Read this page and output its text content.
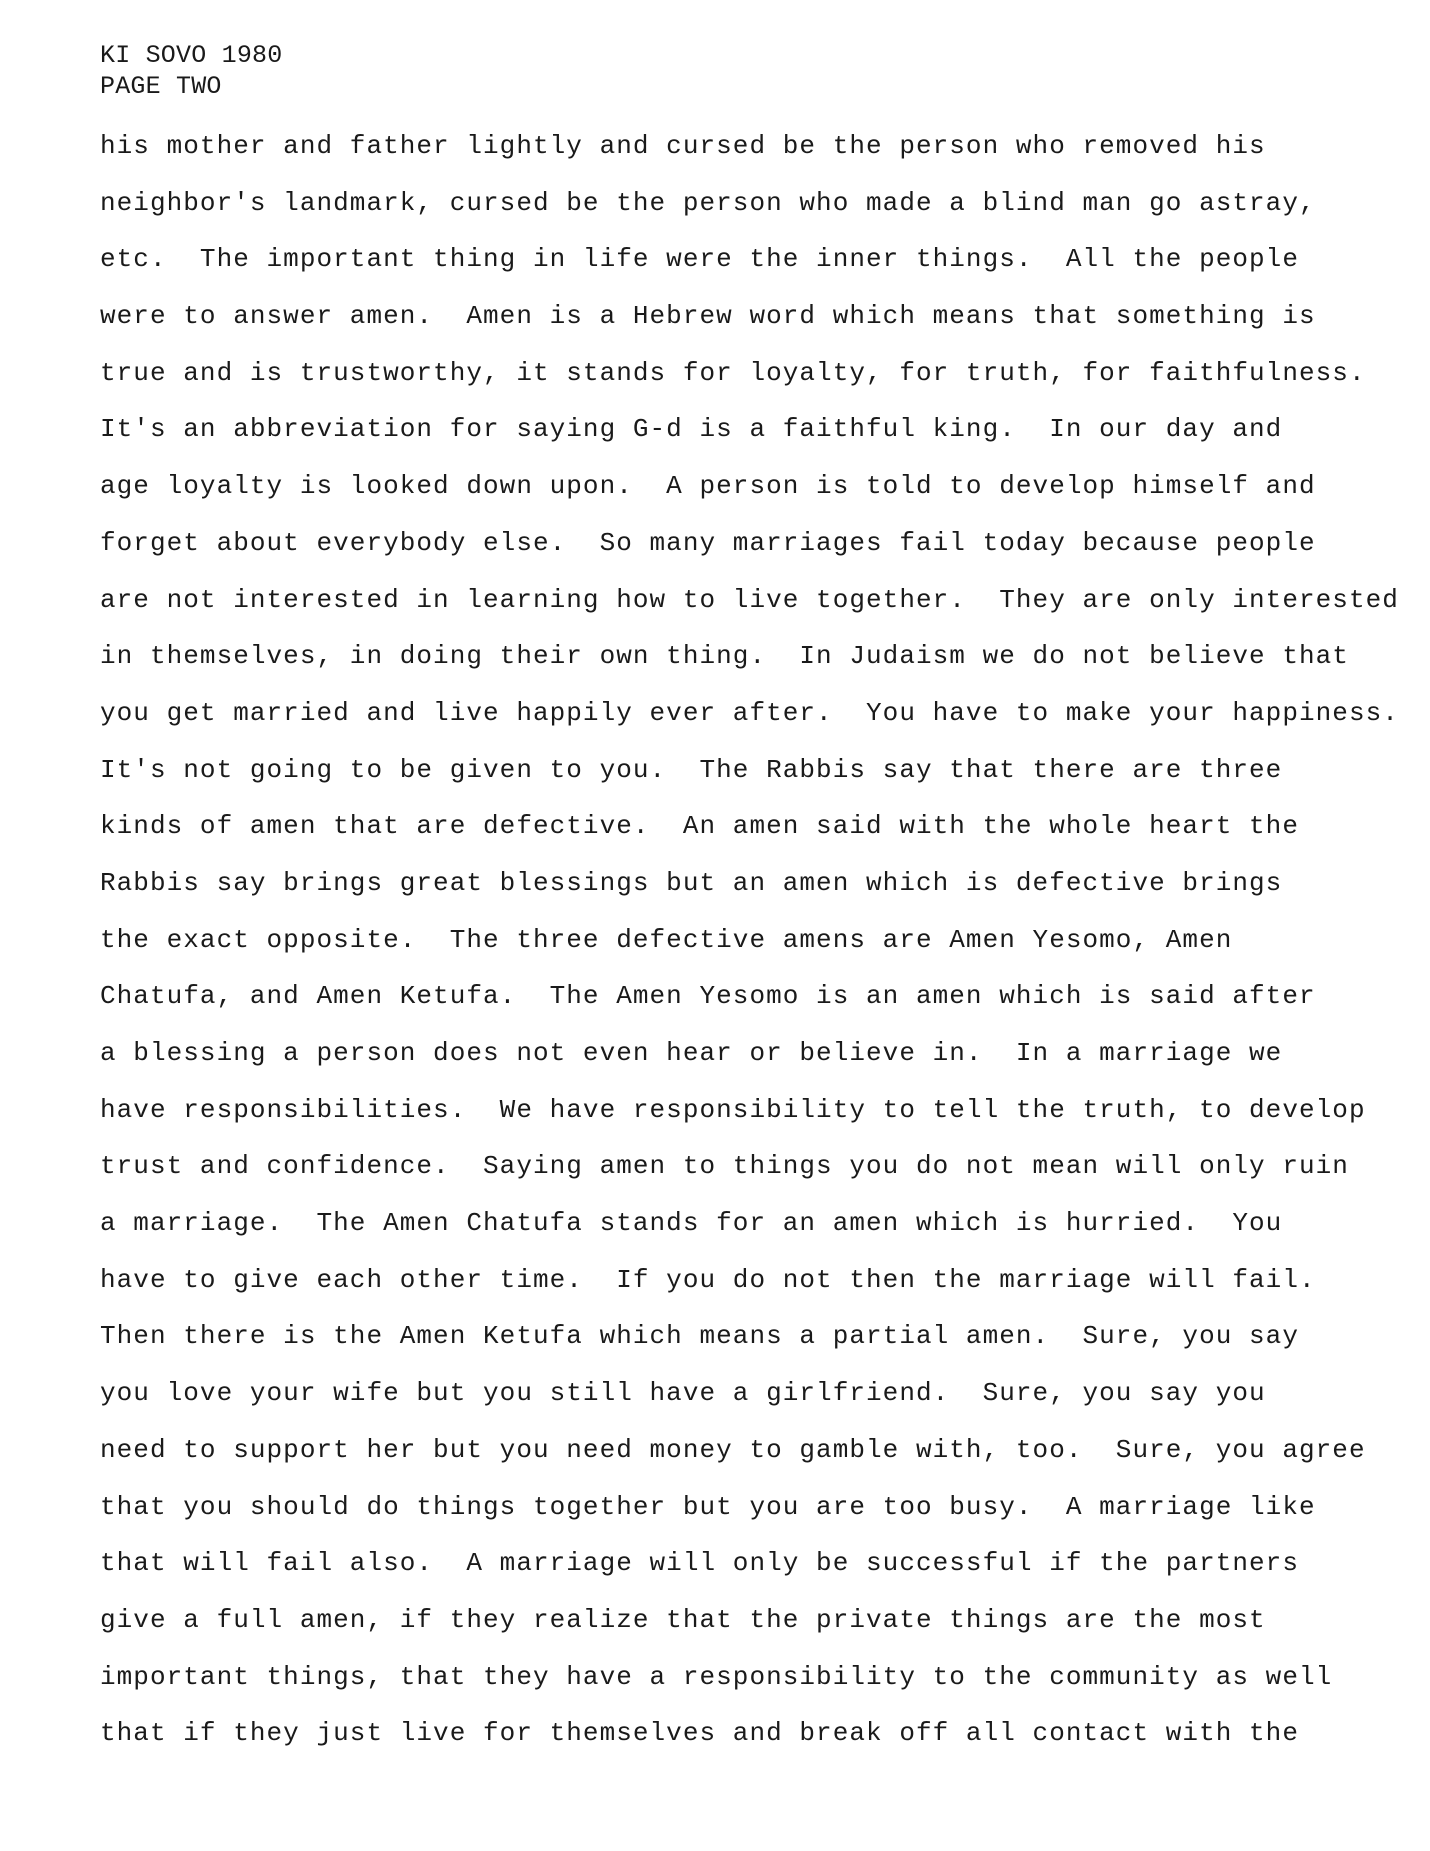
KI SOVO 1980
PAGE TWO
his mother and father lightly and cursed be the person who removed his
neighbor's landmark, cursed be the person who made a blind man go astray,
etc.  The important thing in life were the inner things.  All the people
were to answer amen.  Amen is a Hebrew word which means that something is
true and is trustworthy, it stands for loyalty, for truth, for faithfulness.
It's an abbreviation for saying G-d is a faithful king.  In our day and
age loyalty is looked down upon.  A person is told to develop himself and
forget about everybody else.  So many marriages fail today because people
are not interested in learning how to live together.  They are only interested
in themselves, in doing their own thing.  In Judaism we do not believe that
you get married and live happily ever after.  You have to make your happiness.
It's not going to be given to you.  The Rabbis say that there are three
kinds of amen that are defective.  An amen said with the whole heart the
Rabbis say brings great blessings but an amen which is defective brings
the exact opposite.  The three defective amens are Amen Yesomo, Amen
Chatufa, and Amen Ketufa.  The Amen Yesomo is an amen which is said after
a blessing a person does not even hear or believe in.  In a marriage we
have responsibilities.  We have responsibility to tell the truth, to develop
trust and confidence.  Saying amen to things you do not mean will only ruin
a marriage.  The Amen Chatufa stands for an amen which is hurried.  You
have to give each other time.  If you do not then the marriage will fail.
Then there is the Amen Ketufa which means a partial amen.  Sure, you say
you love your wife but you still have a girlfriend.  Sure, you say you
need to support her but you need money to gamble with, too.  Sure, you agree
that you should do things together but you are too busy.  A marriage like
that will fail also.  A marriage will only be successful if the partners
give a full amen, if they realize that the private things are the most
important things, that they have a responsibility to the community as well
that if they just live for themselves and break off all contact with the
